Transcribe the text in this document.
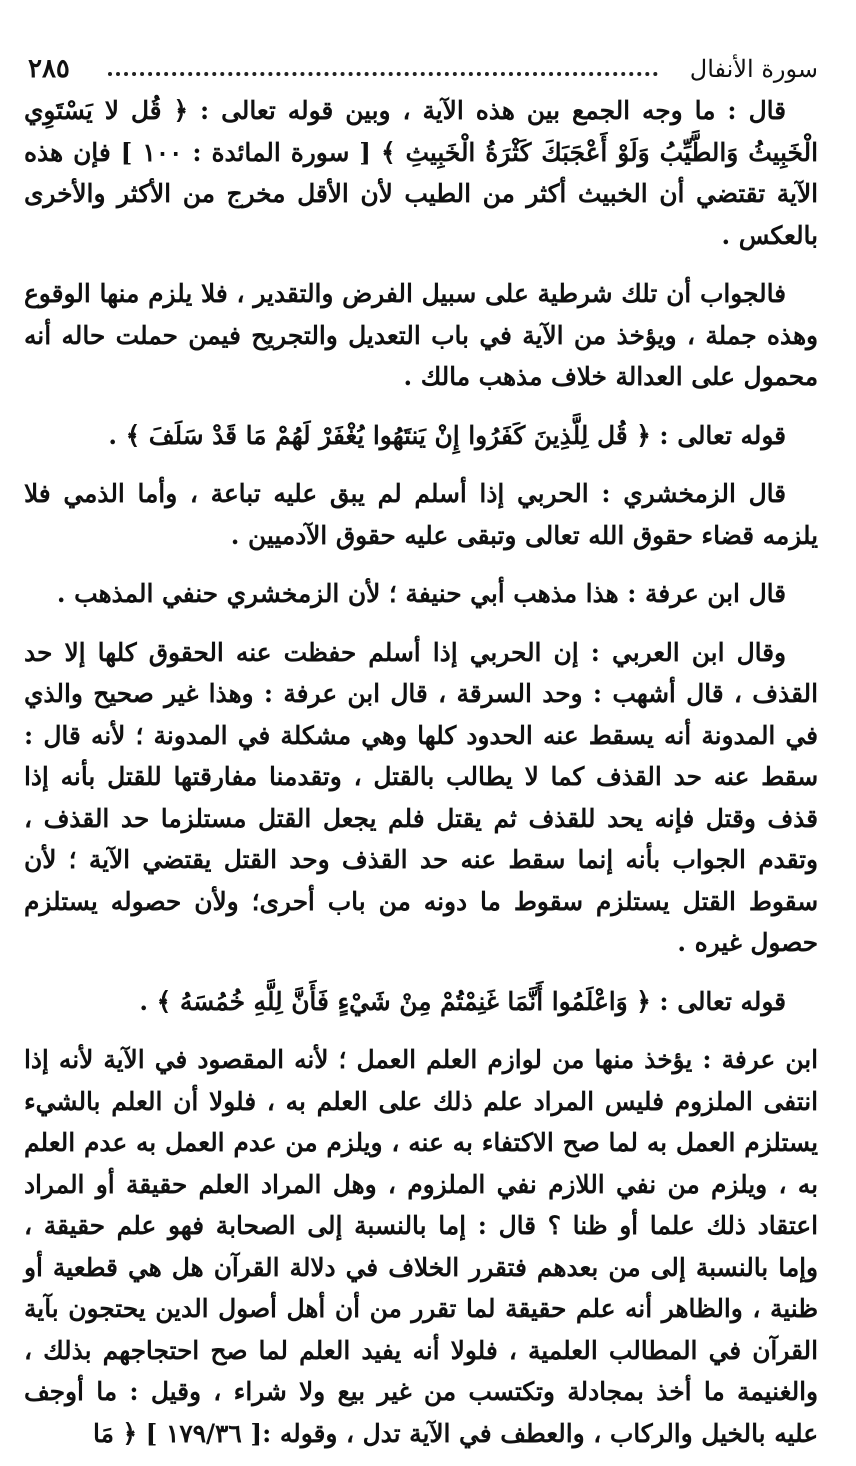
٢٨٥	سورة الأنفال

قال : ما وجه الجمع بين هذه الآية ، وبين قوله تعالى : ﴿ قُل لا يَسْتَوِي الْخَبِيثُ وَالطَّيِّبُ وَلَوْ أَعْجَبَكَ كَثْرَةُ الْخَبِيثِ ﴾ [ سورة المائدة : ١٠٠ ] فإن هذه الآية تقتضي أن الخبيث أكثر من الطيب لأن الأقل مخرج من الأكثر والأخرى بالعكس .

فالجواب أن تلك شرطية على سبيل الفرض والتقدير ، فلا يلزم منها الوقوع وهذه جملة ، ويؤخذ من الآية في باب التعديل والتجريح فيمن حملت حاله أنه محمول على العدالة خلاف مذهب مالك .

قوله تعالى : ﴿ قُل لِلَّذِينَ كَفَرُوا إِنْ يَنتَهُوا يُغْفَرْ لَهُمْ مَا قَدْ سَلَفَ ﴾ .

قال الزمخشري : الحربي إذا أسلم لم يبق عليه تباعة ، وأما الذمي فلا يلزمه قضاء حقوق الله تعالى وتبقى عليه حقوق الآدميين .

قال ابن عرفة : هذا مذهب أبي حنيفة ؛ لأن الزمخشري حنفي المذهب .

وقال ابن العربي : إن الحربي إذا أسلم حفظت عنه الحقوق كلها إلا حد القذف ، قال أشهب : وحد السرقة ، قال ابن عرفة : وهذا غير صحيح والذي في المدونة أنه يسقط عنه الحدود كلها وهي مشكلة في المدونة ؛ لأنه قال : سقط عنه حد القذف كما لا يطالب بالقتل ، وتقدمنا مفارقتها للقتل بأنه إذا قذف وقتل فإنه يحد للقذف ثم يقتل فلم يجعل القتل مستلزما حد القذف ، وتقدم الجواب بأنه إنما سقط عنه حد القذف وحد القتل يقتضي الآية ؛ لأن سقوط القتل يستلزم سقوط ما دونه من باب أحرى؛ ولأن حصوله يستلزم حصول غيره .

قوله تعالى : ﴿ وَاعْلَمُوا أَنَّمَا غَنِمْتُمْ مِنْ شَيْءٍ فَأَنَّ لِلَّهِ خُمُسَهُ ﴾ .

ابن عرفة : يؤخذ منها من لوازم العلم العمل ؛ لأنه المقصود في الآية لأنه إذا انتفى الملزوم فليس المراد علم ذلك على العلم به ، فلولا أن العلم بالشيء يستلزم العمل به لما صح الاكتفاء به عنه ، ويلزم من عدم العمل به عدم العلم به ، ويلزم من نفي اللازم نفي الملزوم ، وهل المراد العلم حقيقة أو المراد اعتقاد ذلك علما أو ظنا ؟ قال : إما بالنسبة إلى الصحابة فهو علم حقيقة ، وإما بالنسبة إلى من بعدهم فتقرر الخلاف في دلالة القرآن هل هي قطعية أو ظنية ، والظاهر أنه علم حقيقة لما تقرر من أن أهل أصول الدين يحتجون بآية القرآن في المطالب العلمية ، فلولا أنه يفيد العلم لما صح احتجاجهم بذلك ، والغنيمة ما أخذ بمجادلة وتكتسب من غير بيع ولا شراء ، وقيل : ما أوجف عليه بالخيل والركاب ، والعطف في الآية تدل ، وقوله :[ ١٧٩/٣٦ ] ﴿ مَا
